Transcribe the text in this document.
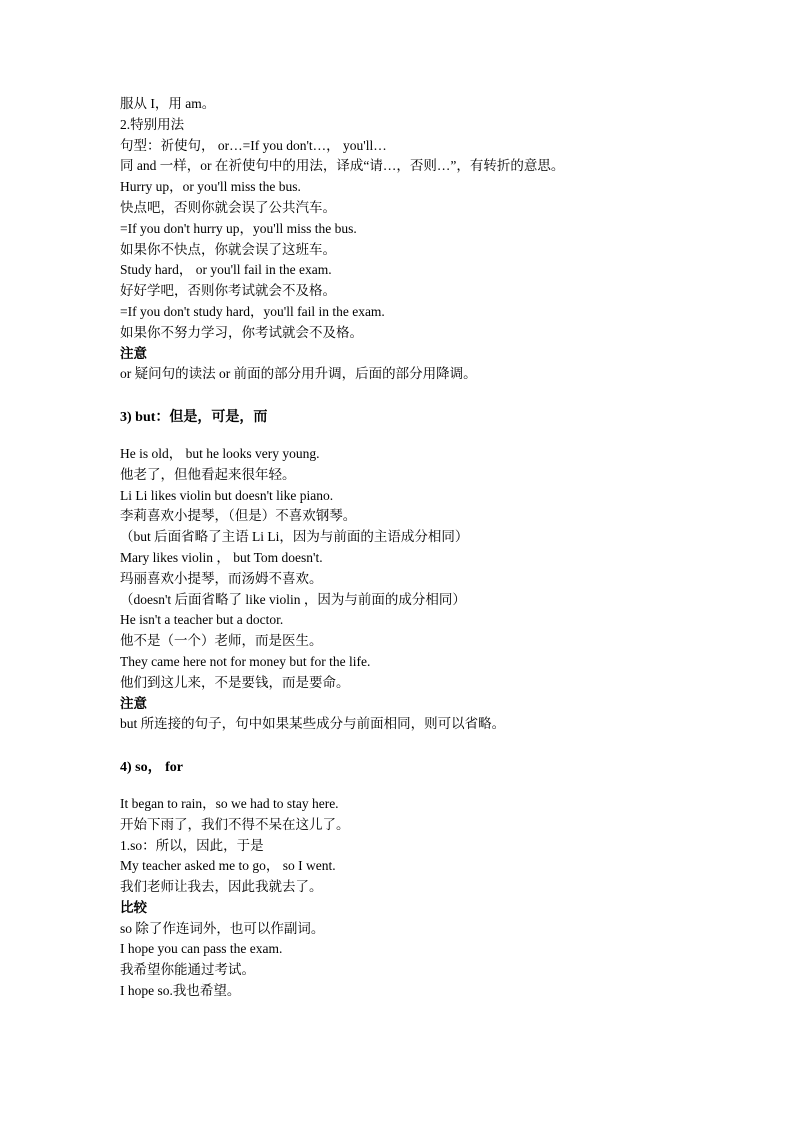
服从 I，用 am。

2.特别用法

句型：祈使句， or…=If you don't…， you'll…

同 and 一样，or 在祈使句中的用法，译成“请…，否则…”，有转折的意思。

Hurry up，or you'll miss the bus.

快点吧，否则你就会误了公共汽车。

=If you don't hurry up，you'll miss the bus.

如果你不快点，你就会误了这班车。

Study hard， or you'll fail in the exam.

好好学吧，否则你考试就会不及格。

=If you don't study hard，you'll fail in the exam.

如果你不努力学习，你考试就会不及格。

注意

or 疑问句的读法 or 前面的部分用升调，后面的部分用降调。

3) but：但是，可是，而

He is old， but he looks very young.

他老了，但他看起来很年轻。

Li Li likes violin but doesn't like piano.

李莉喜欢小提琴，（但是）不喜欢钢琴。

（but 后面省略了主语 Li Li，因为与前面的主语成分相同）

Mary likes violin ， but Tom doesn't.

玛丽喜欢小提琴，而汤姆不喜欢。

（doesn't 后面省略了 like violin ，因为与前面的成分相同）

He isn't a teacher but a doctor.

他不是（一个）老师，而是医生。

They came here not for money but for the life.

他们到这儿来，不是要钱，而是要命。

注意

but 所连接的句子，句中如果某些成分与前面相同，则可以省略。

4) so， for

It began to rain，so we had to stay here.

开始下雨了，我们不得不呆在这儿了。

1.so：所以，因此，于是

My teacher asked me to go， so I went.

我们老师让我去，因此我就去了。

比较

so 除了作连词外，也可以作副词。

I hope you can pass the exam.

我希望你能通过考试。

I hope so.我也希望。
